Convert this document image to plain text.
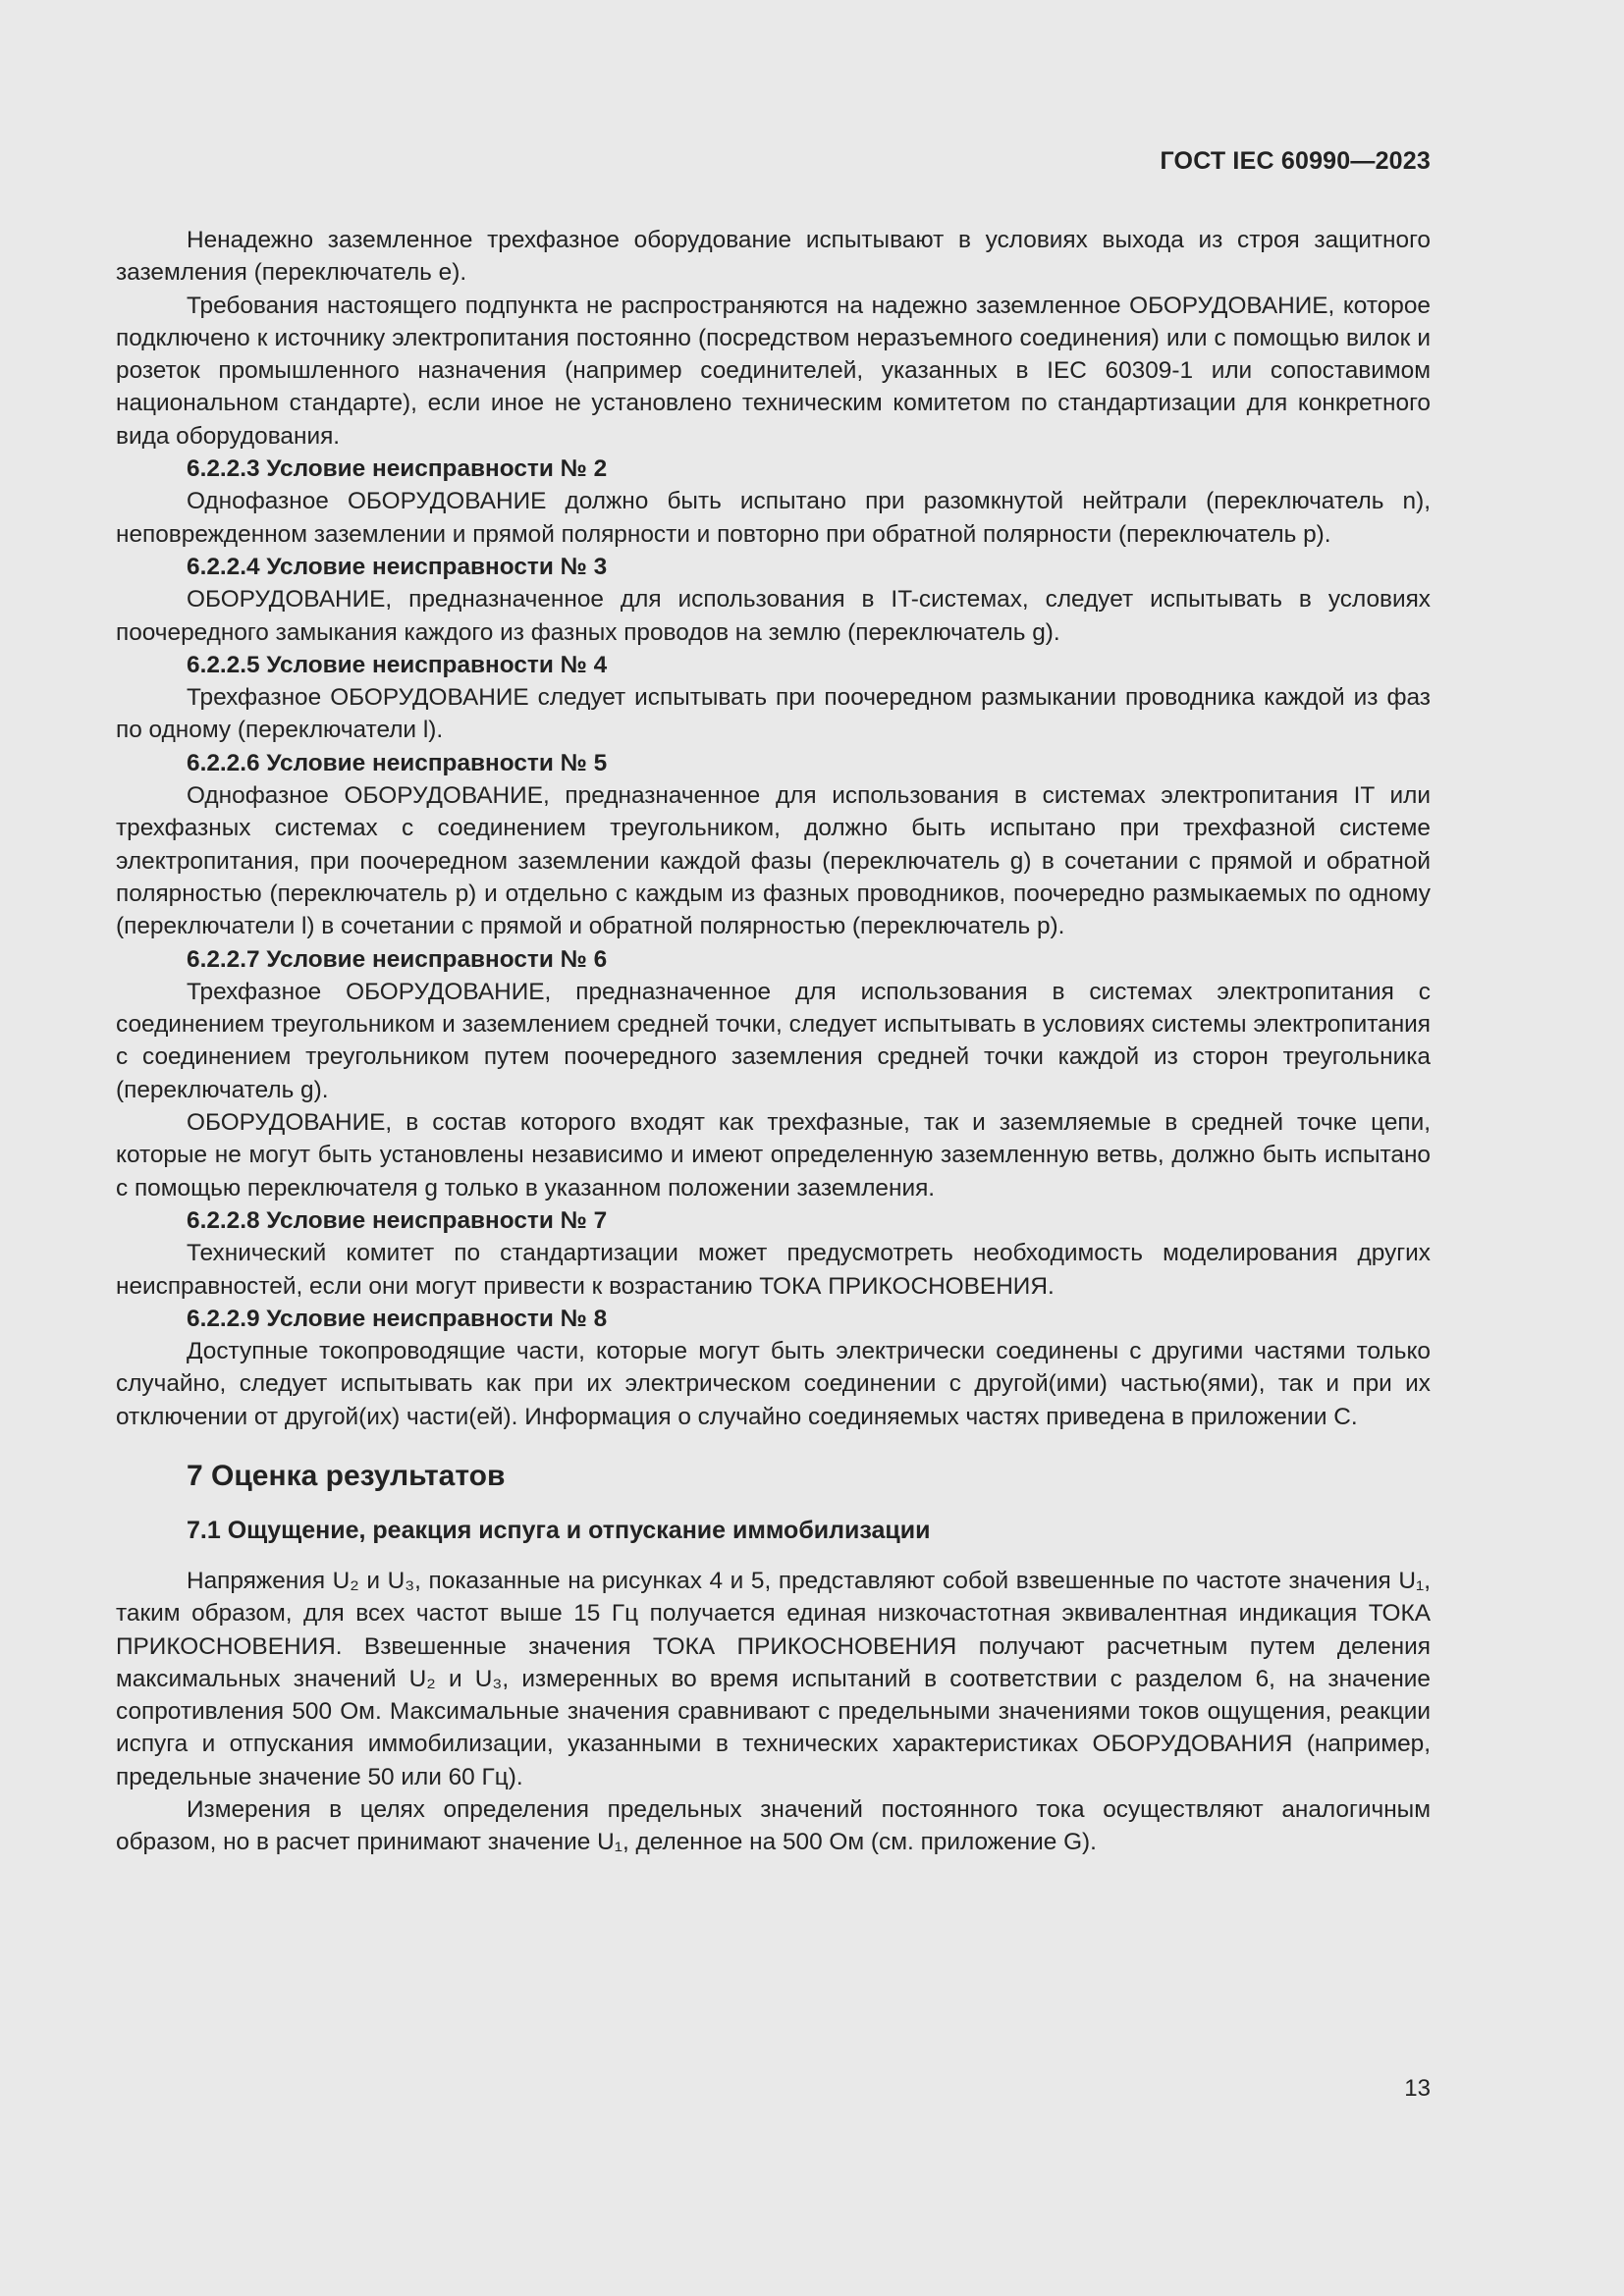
ГОСТ IEC 60990—2023

Ненадежно заземленное трехфазное оборудование испытывают в условиях выхода из строя защитного заземления (переключатель e).

Требования настоящего подпункта не распространяются на надежно заземленное ОБОРУДОВАНИЕ, которое подключено к источнику электропитания постоянно (посредством неразъемного соединения) или с помощью вилок и розеток промышленного назначения (например соединителей, указанных в IEC 60309-1 или сопоставимом национальном стандарте), если иное не установлено техническим комитетом по стандартизации для конкретного вида оборудования.

6.2.2.3 Условие неисправности № 2

Однофазное ОБОРУДОВАНИЕ должно быть испытано при разомкнутой нейтрали (переключатель n), неповрежденном заземлении и прямой полярности и повторно при обратной полярности (переключатель p).

6.2.2.4 Условие неисправности № 3

ОБОРУДОВАНИЕ, предназначенное для использования в IT-системах, следует испытывать в условиях поочередного замыкания каждого из фазных проводов на землю (переключатель g).

6.2.2.5 Условие неисправности № 4

Трехфазное ОБОРУДОВАНИЕ следует испытывать при поочередном размыкании проводника каждой из фаз по одному (переключатели l).

6.2.2.6 Условие неисправности № 5

Однофазное ОБОРУДОВАНИЕ, предназначенное для использования в системах электропитания IT или трехфазных системах с соединением треугольником, должно быть испытано при трехфазной системе электропитания, при поочередном заземлении каждой фазы (переключатель g) в сочетании с прямой и обратной полярностью (переключатель p) и отдельно с каждым из фазных проводников, поочередно размыкаемых по одному (переключатели l) в сочетании с прямой и обратной полярностью (переключатель p).

6.2.2.7 Условие неисправности № 6

Трехфазное ОБОРУДОВАНИЕ, предназначенное для использования в системах электропитания с соединением треугольником и заземлением средней точки, следует испытывать в условиях системы электропитания с соединением треугольником путем поочередного заземления средней точки каждой из сторон треугольника (переключатель g).

ОБОРУДОВАНИЕ, в состав которого входят как трехфазные, так и заземляемые в средней точке цепи, которые не могут быть установлены независимо и имеют определенную заземленную ветвь, должно быть испытано с помощью переключателя g только в указанном положении заземления.

6.2.2.8 Условие неисправности № 7

Технический комитет по стандартизации может предусмотреть необходимость моделирования других неисправностей, если они могут привести к возрастанию ТОКА ПРИКОСНОВЕНИЯ.

6.2.2.9 Условие неисправности № 8

Доступные токопроводящие части, которые могут быть электрически соединены с другими частями только случайно, следует испытывать как при их электрическом соединении с другой(ими) частью(ями), так и при их отключении от другой(их) части(ей). Информация о случайно соединяемых частях приведена в приложении С.

7 Оценка результатов
7.1 Ощущение, реакция испуга и отпускание иммобилизации

Напряжения U₂ и U₃, показанные на рисунках 4 и 5, представляют собой взвешенные по частоте значения U₁, таким образом, для всех частот выше 15 Гц получается единая низкочастотная эквивалентная индикация ТОКА ПРИКОСНОВЕНИЯ. Взвешенные значения ТОКА ПРИКОСНОВЕНИЯ получают расчетным путем деления максимальных значений U₂ и U₃, измеренных во время испытаний в соответствии с разделом 6, на значение сопротивления 500 Ом. Максимальные значения сравнивают с предельными значениями токов ощущения, реакции испуга и отпускания иммобилизации, указанными в технических характеристиках ОБОРУДОВАНИЯ (например, предельные значение 50 или 60 Гц).

Измерения в целях определения предельных значений постоянного тока осуществляют аналогичным образом, но в расчет принимают значение U₁, деленное на 500 Ом (см. приложение G).

13
